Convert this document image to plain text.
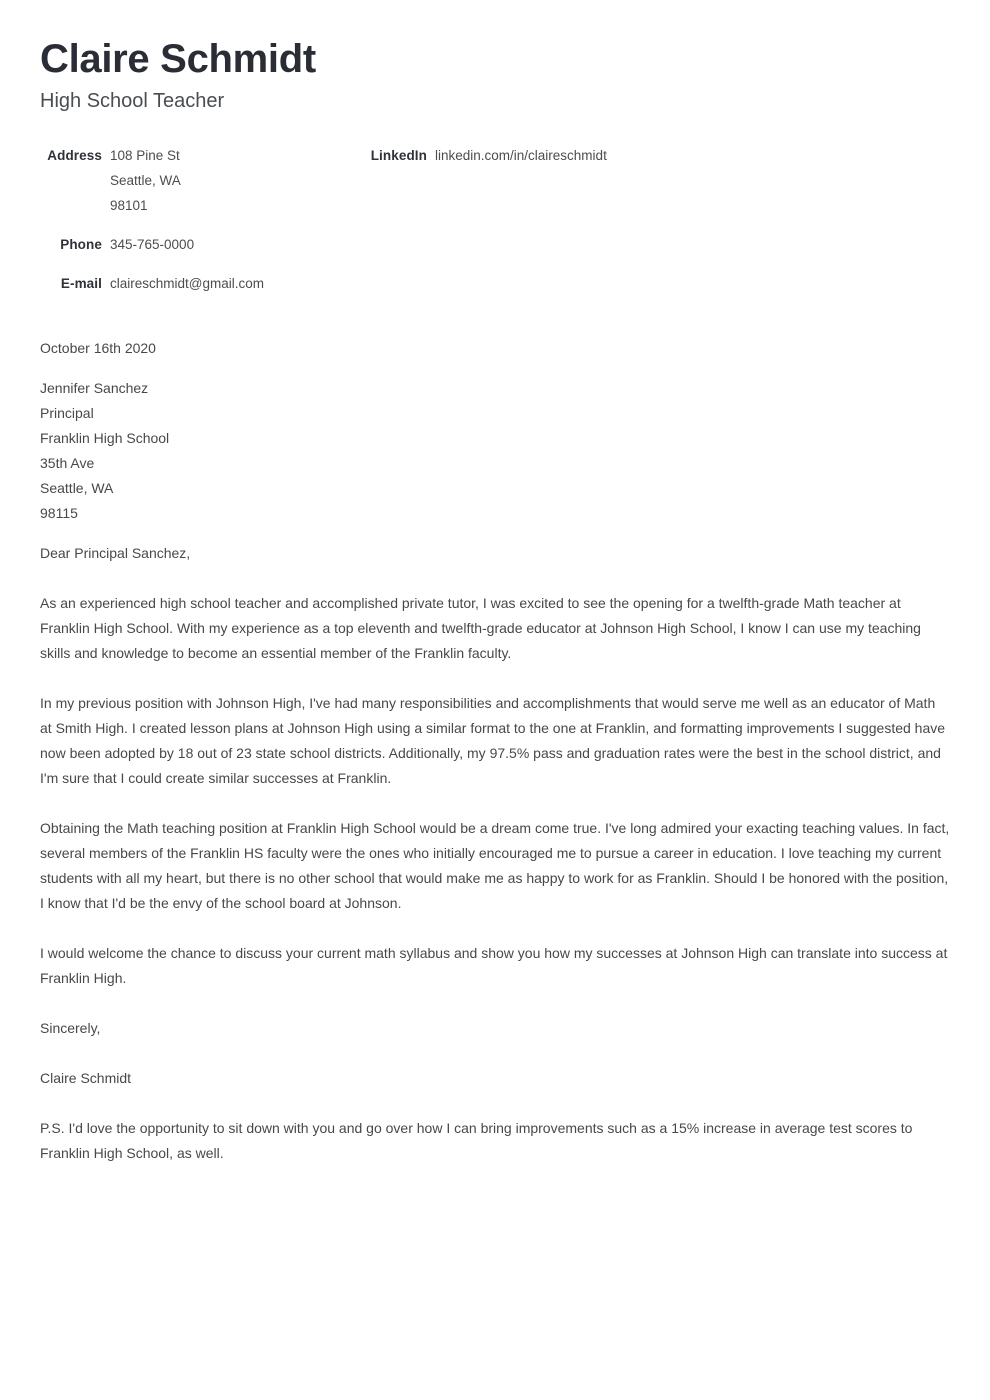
Claire Schmidt
High School Teacher
Address 108 Pine St
Seattle, WA
98101
Phone 345-765-0000
E-mail claireschmidt@gmail.com
LinkedIn linkedin.com/in/claireschmidt
October 16th 2020
Jennifer Sanchez
Principal
Franklin High School
35th Ave
Seattle, WA
98115
Dear Principal Sanchez,

As an experienced high school teacher and accomplished private tutor, I was excited to see the opening for a twelfth-grade Math teacher at Franklin High School. With my experience as a top eleventh and twelfth-grade educator at Johnson High School, I know I can use my teaching skills and knowledge to become an essential member of the Franklin faculty.

In my previous position with Johnson High, I've had many responsibilities and accomplishments that would serve me well as an educator of Math at Smith High. I created lesson plans at Johnson High using a similar format to the one at Franklin, and formatting improvements I suggested have now been adopted by 18 out of 23 state school districts. Additionally, my 97.5% pass and graduation rates were the best in the school district, and I'm sure that I could create similar successes at Franklin.

Obtaining the Math teaching position at Franklin High School would be a dream come true. I've long admired your exacting teaching values. In fact, several members of the Franklin HS faculty were the ones who initially encouraged me to pursue a career in education. I love teaching my current students with all my heart, but there is no other school that would make me as happy to work for as Franklin. Should I be honored with the position, I know that I'd be the envy of the school board at Johnson.

I would welcome the chance to discuss your current math syllabus and show you how my successes at Johnson High can translate into success at Franklin High.

Sincerely,
Claire Schmidt

P.S. I'd love the opportunity to sit down with you and go over how I can bring improvements such as a 15% increase in average test scores to Franklin High School, as well.
